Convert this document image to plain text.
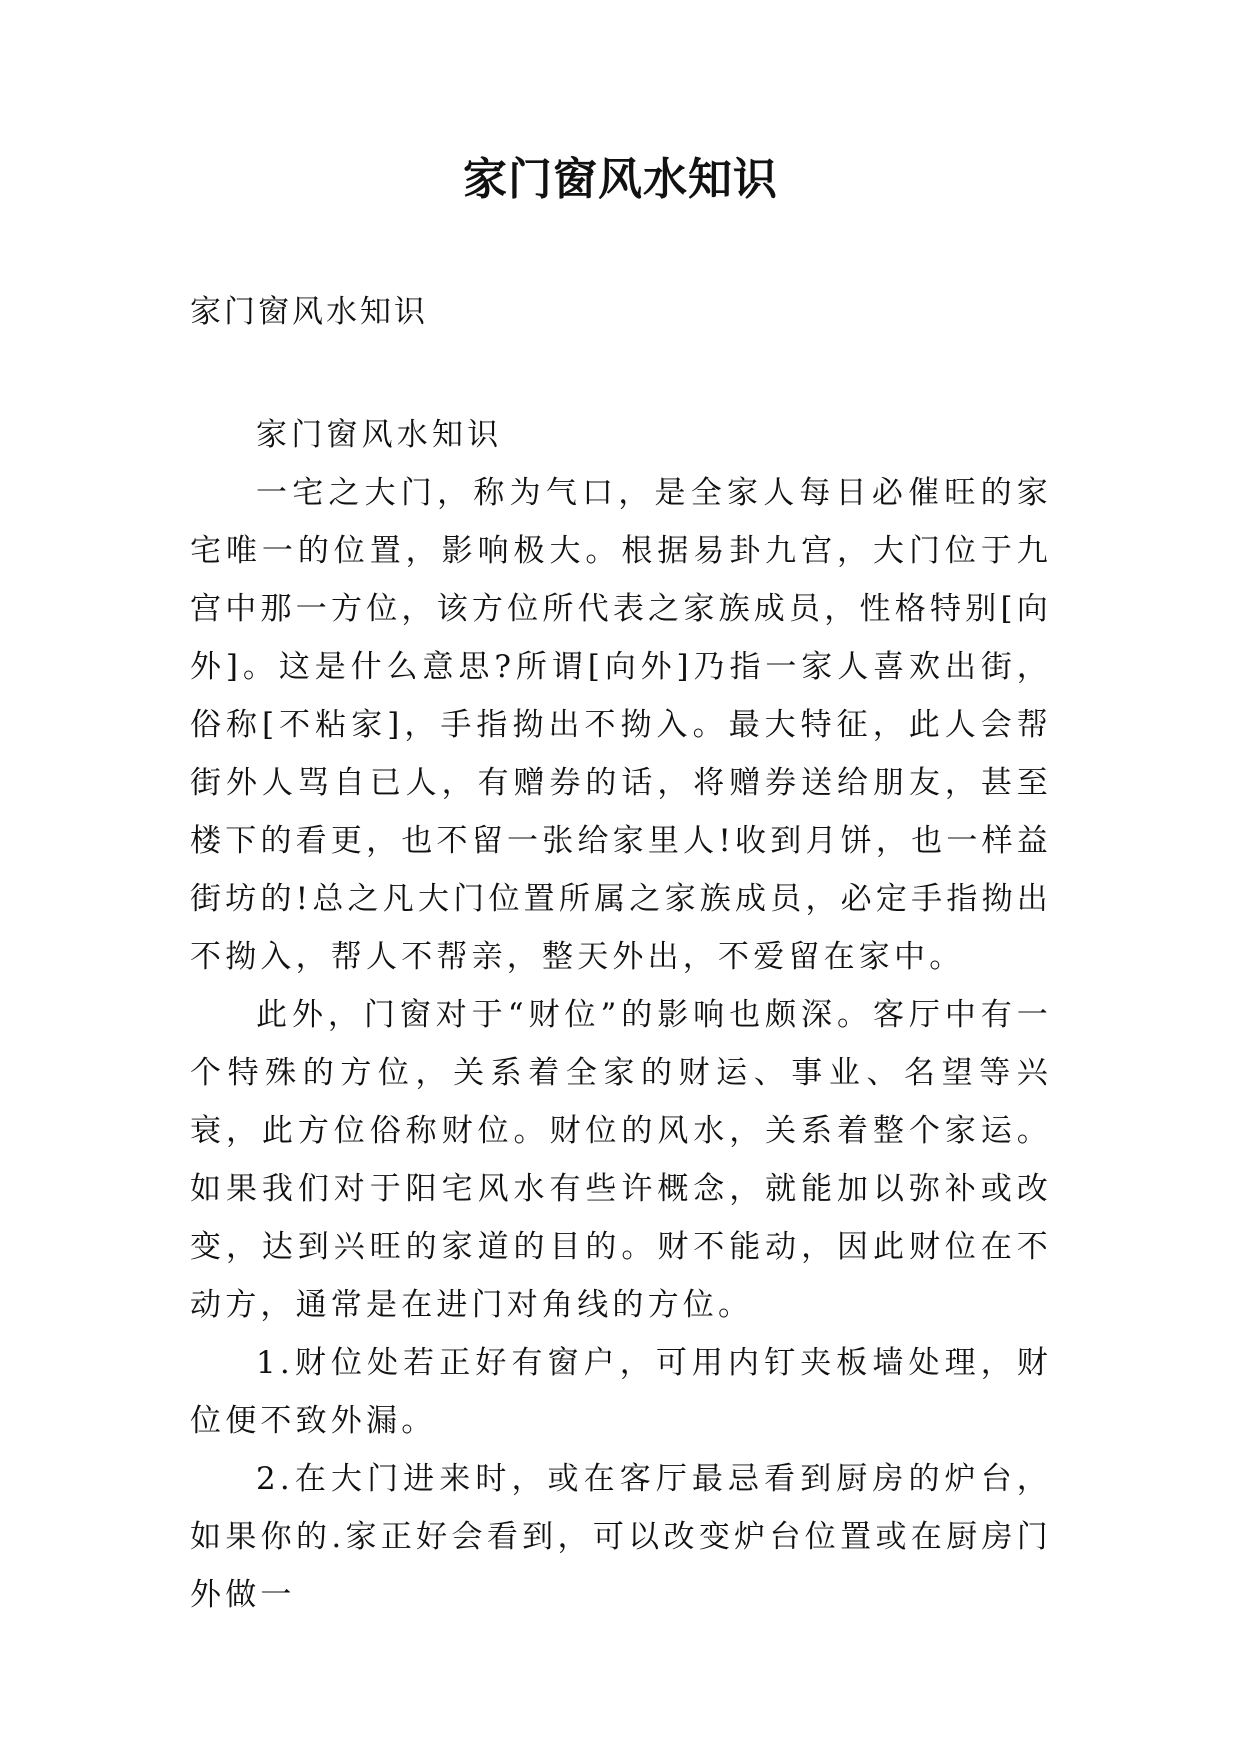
家门窗风水知识

家门窗风水知识

家门窗风水知识

一宅之大门，称为气口，是全家人每日必催旺的家宅唯一的位置，影响极大。根据易卦九宫，大门位于九宫中那一方位，该方位所代表之家族成员，性格特别[向外]。这是什么意思?所谓[向外]乃指一家人喜欢出街，俗称[不粘家]，手指拗出不拗入。最大特征，此人会帮街外人骂自已人，有赠券的话，将赠券送给朋友，甚至楼下的看更，也不留一张给家里人!收到月饼，也一样益街坊的!总之凡大门位置所属之家族成员，必定手指拗出不拗入，帮人不帮亲，整天外出，不爱留在家中。

此外，门窗对于“财位”的影响也颇深。客厅中有一个特殊的方位，关系着全家的财运、事业、名望等兴衰，此方位俗称财位。财位的风水，关系着整个家运。如果我们对于阳宅风水有些许概念，就能加以弥补或改变，达到兴旺的家道的目的。财不能动，因此财位在不动方，通常是在进门对角线的方位。

1.财位处若正好有窗户，可用内钉夹板墙处理，财位便不致外漏。

2.在大门进来时，或在客厅最忌看到厨房的炉台，如果你的.家正好会看到，可以改变炉台位置或在厨房门外做一
